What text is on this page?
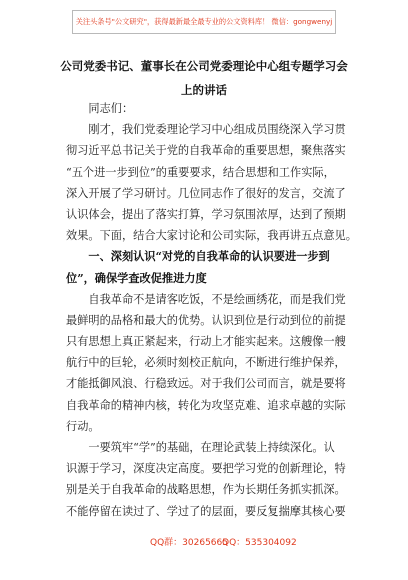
关注头条号"公文研究"，获得最新最全最专业的公文资料库！ 微信：gongwenyj
公司党委书记、董事长在公司党委理论中心组专题学习会
上的讲话
　　同志们：
　　刚才，我们党委理论学习中心组成员围绕深入学习贯
彻习近平总书记关于党的自我革命的重要思想，聚焦落实
“五个进一步到位”的重要要求，结合思想和工作实际，
深入开展了学习研讨。几位同志作了很好的发言，交流了
认识体会，提出了落实打算，学习氛围浓厚，达到了预期
效果。下面，结合大家讨论和公司实际，我再讲五点意见。
　　一、深刻认识“对党的自我革命的认识要进一步到
位”，确保学查改促推进力度
　　自我革命不是请客吃饭，不是绘画绣花，而是我们党
最鲜明的品格和最大的优势。认识到位是行动到位的前提
只有思想上真正紧起来，行动上才能实起来。这艘像一艘
航行中的巨轮，必须时刻校正航向，不断进行维护保养，
才能抵御风浪、行稳致远。对于我们公司而言，就是要将
自我革命的精神内核，转化为攻坚克难、追求卓越的实际
行动。
　　一要筑牢“学”的基础，在理论武装上持续深化。认
识源于学习，深度决定高度。要把学习党的创新理论，特
别是关于自我革命的战略思想，作为长期任务抓实抓深。
不能停留在读过了、学过了的层面，要反复揣摩其核心要
QQ群：30265665
QQ：535304092
